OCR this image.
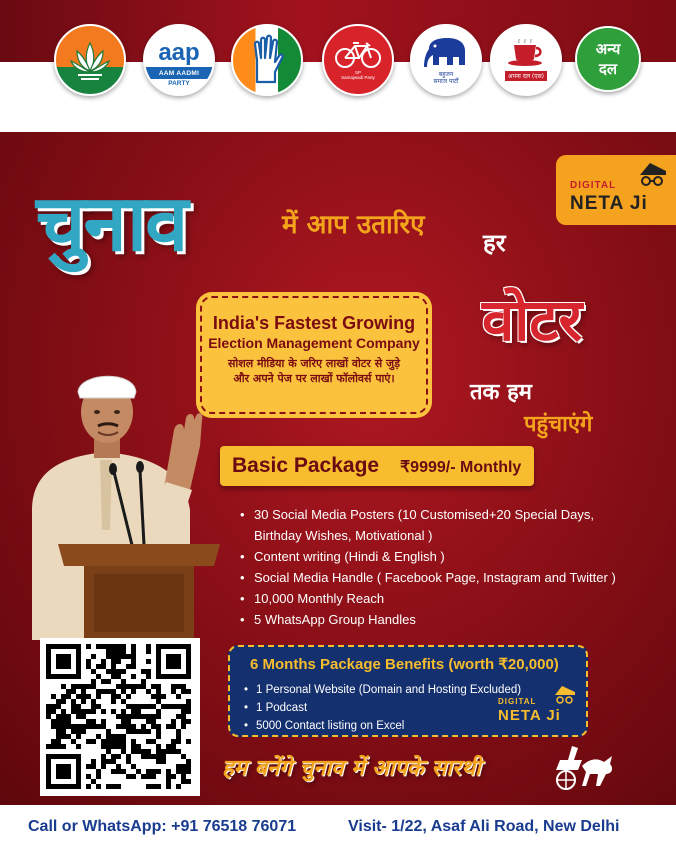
aap
AAM AADMI
PARTY
SP
Samajwadi Party	बहुजन
समाज पार्टी
अपना दल (एस)
अन्य
दल
DIGITAL
NETA Ji
चुनाव	में आप उतारिए
हर
वोटर
तक हम
पहुंचाएंगे
India's Fastest Growing
Election Management Company
सोशल मीडिया के जरिए लाखों वोटर से जुड़े
और अपने पेज पर लाखों फॉलोवर्स पाएं।
Basic Package ₹9999/- Monthly
• 30 Social Media Posters (10 Customised+20 Special Days,
Birthday Wishes, Motivational )
• Content writing (Hindi & English )
• Social Media Handle ( Facebook Page, Instagram and Twitter )
• 10,000 Monthly Reach
• 5 WhatsApp Group Handles
6 Months Package Benefits (worth ₹20,000)
• 1 Personal Website (Domain and Hosting Excluded)
• 1 Podcast
• 5000 Contact listing on Excel
DIGITAL
NETA Ji
हम बनेंगे चुनाव में आपके सारथी
Call or WhatsApp: +91 76518 76071	Visit- 1/22, Asaf Ali Road, New Delhi
